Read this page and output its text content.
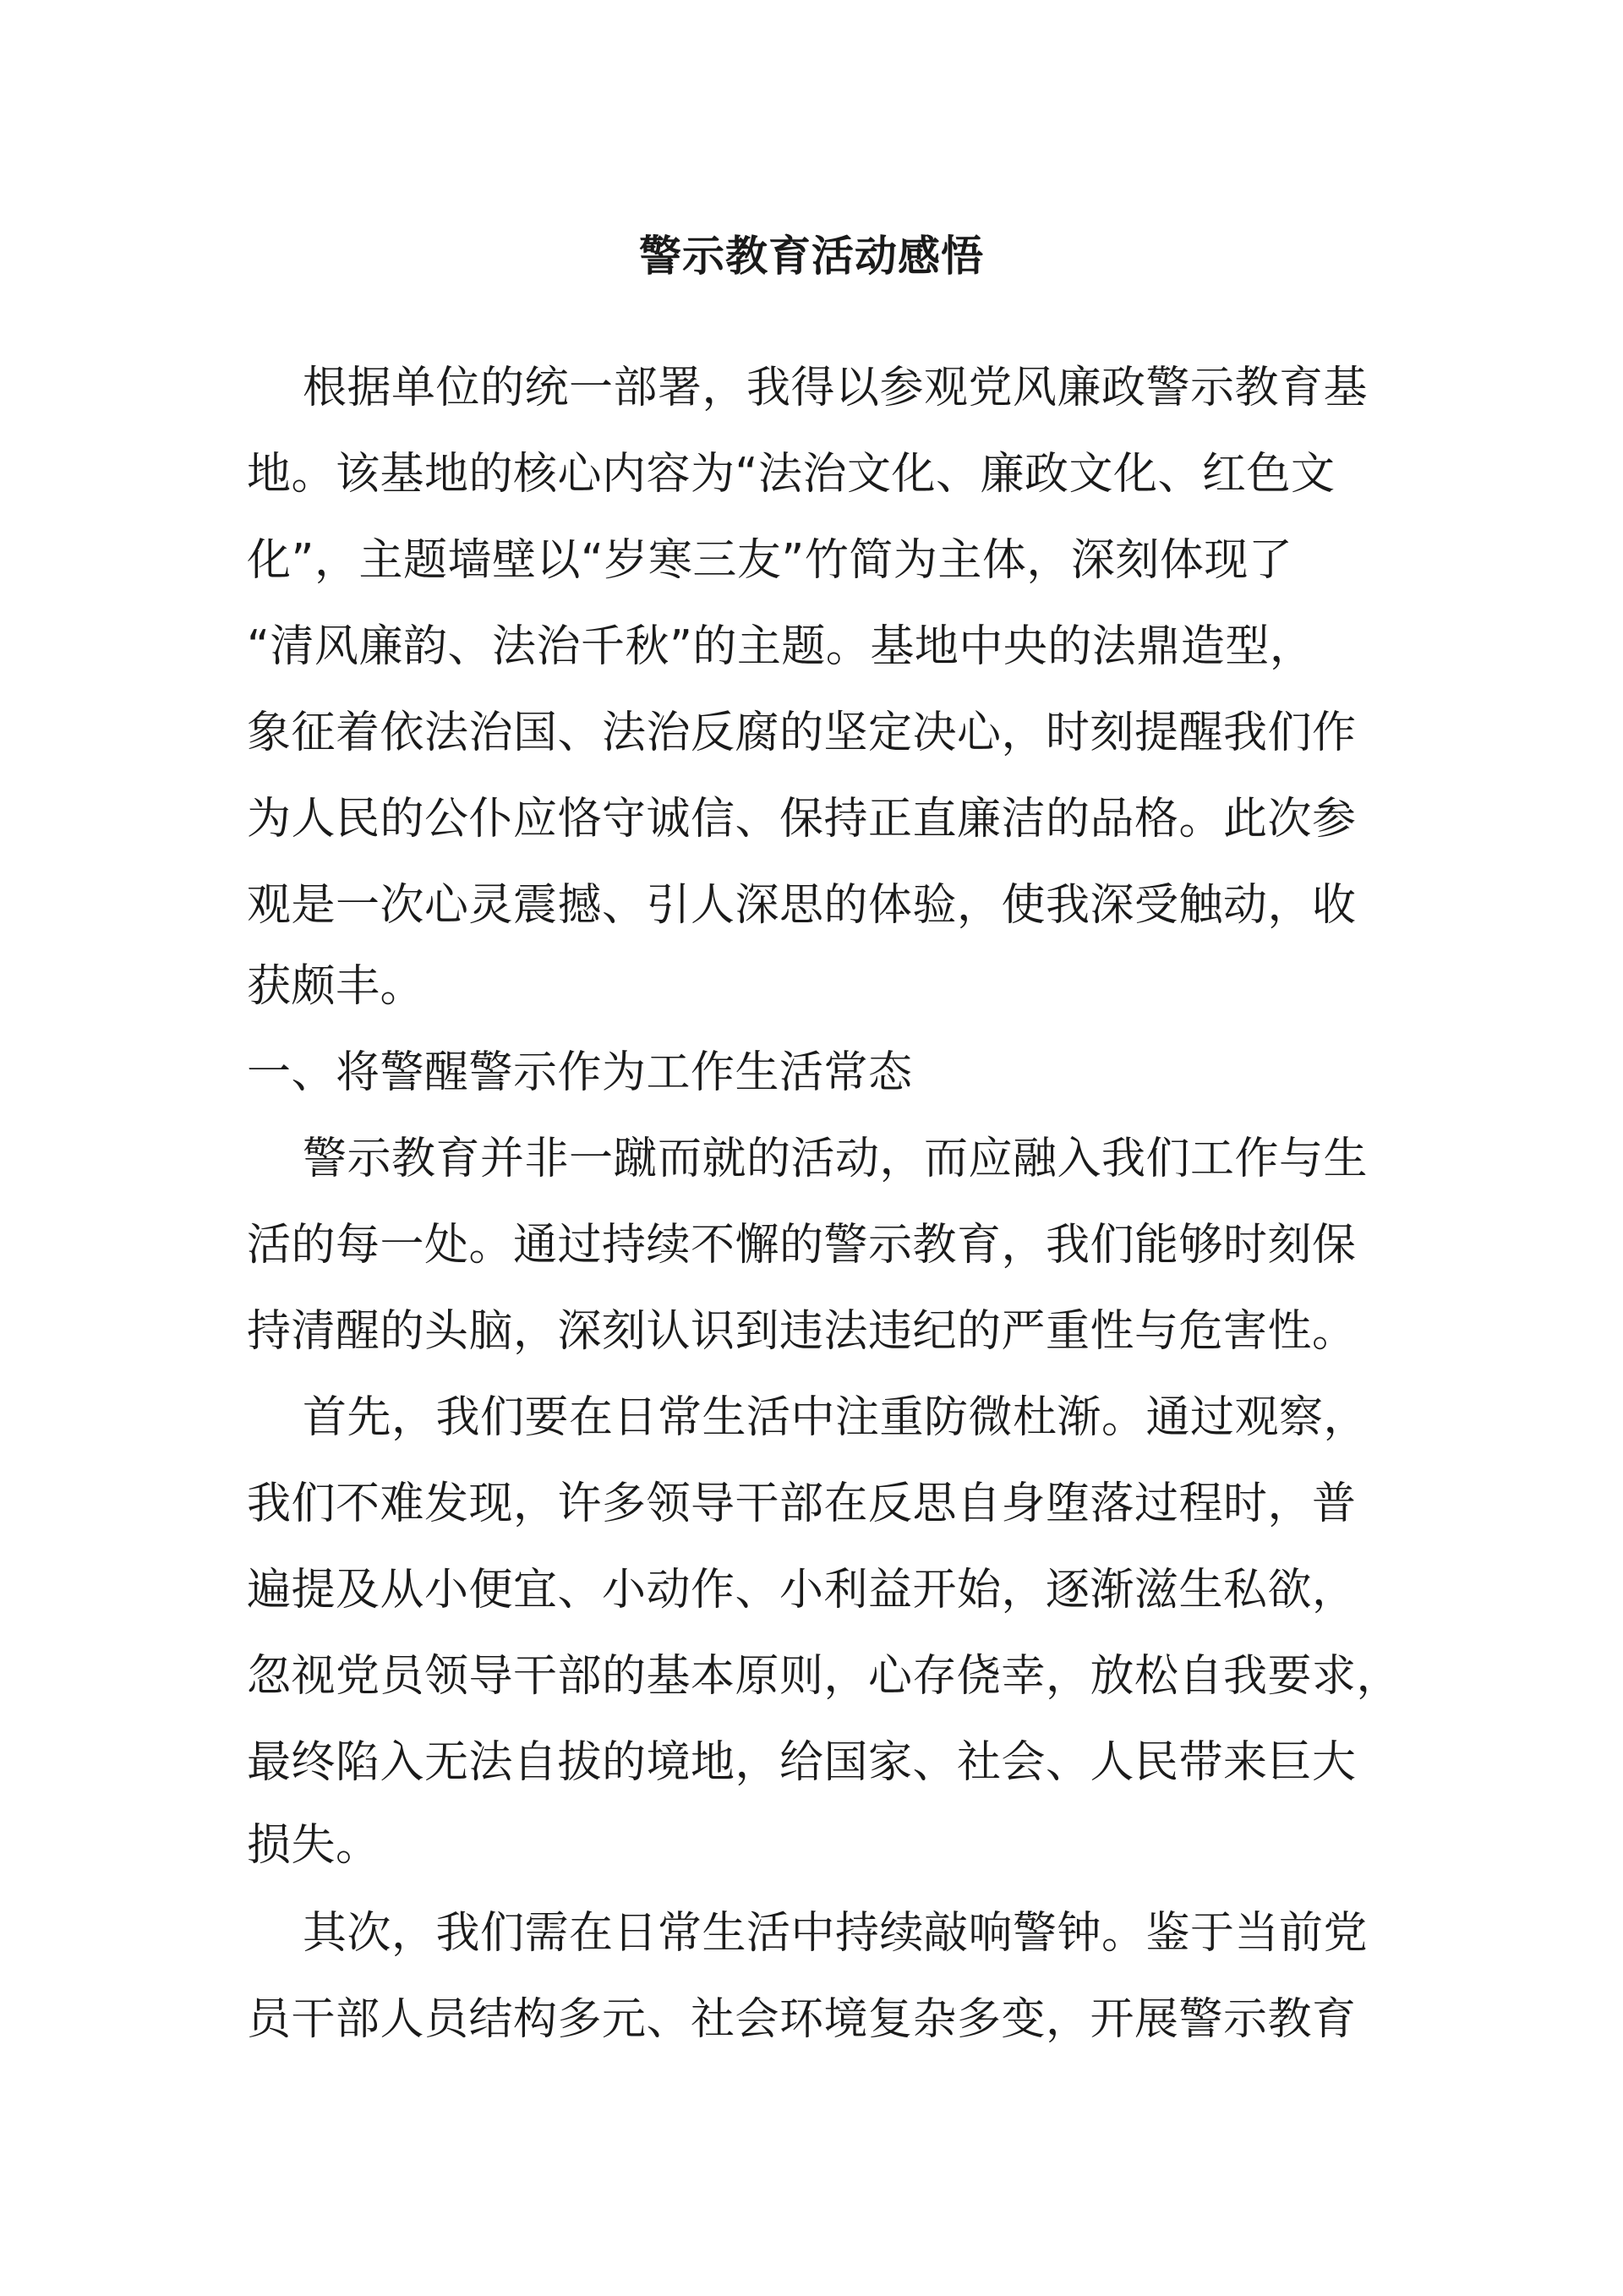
警示教育活动感悟
根据单位的统一部署，我得以参观党风廉政警示教育基
地。该基地的核心内容为“法治文化、廉政文化、红色文
化”，主题墙壁以“岁寒三友”竹简为主体，深刻体现了
“清风廉韵、法治千秋”的主题。基地中央的法鼎造型，
象征着依法治国、法治反腐的坚定决心，时刻提醒我们作
为人民的公仆应恪守诚信、保持正直廉洁的品格。此次参
观是一次心灵震撼、引人深思的体验，使我深受触动，收
获颇丰。
一、将警醒警示作为工作生活常态
警示教育并非一蹴而就的活动，而应融入我们工作与生
活的每一处。通过持续不懈的警示教育，我们能够时刻保
持清醒的头脑，深刻认识到违法违纪的严重性与危害性。
首先，我们要在日常生活中注重防微杜渐。通过观察，
我们不难发现，许多领导干部在反思自身堕落过程时，普
遍提及从小便宜、小动作、小利益开始，逐渐滋生私欲，
忽视党员领导干部的基本原则，心存侥幸，放松自我要求，
最终陷入无法自拔的境地，给国家、社会、人民带来巨大
损失。
其次，我们需在日常生活中持续敲响警钟。鉴于当前党
员干部人员结构多元、社会环境复杂多变，开展警示教育
